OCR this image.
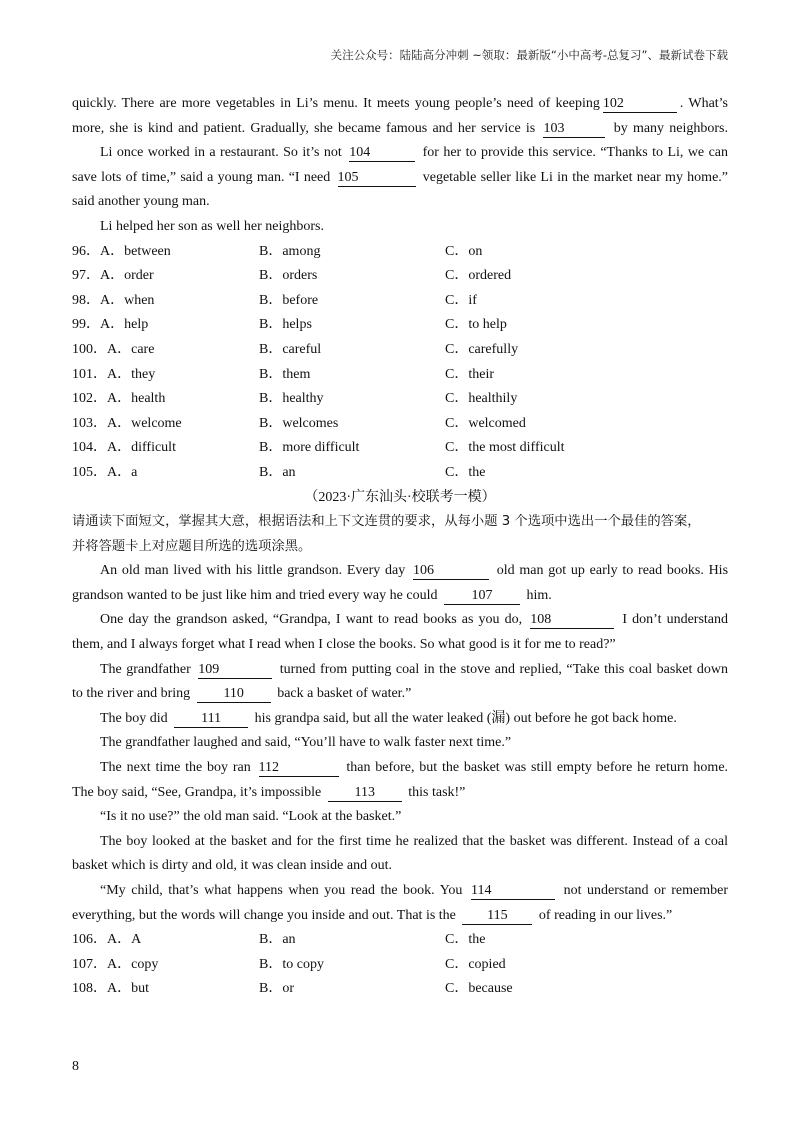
关注公众号：陆陆高分冲刺 ~领取：最新版“小中高考-总复习”、最新试卷下载
quickly. There are more vegetables in Li’s menu. It meets young people’s need of keeping 102	. What’s
more, she is kind and patient. Gradually, she became famous and her service is 103	by many neighbors.
Li once worked in a restaurant. So it’s not 104	for her to provide this service. “Thanks to Li, we can
save lots of time,” said a young man. “I need 105	vegetable seller like Li in the market near my home.”
said another young man.
Li helped her son as well her neighbors.
96．A．between	B．among	C．on
97．A．order	B．orders	C．ordered
98．A．when	B．before	C．if
99．A．help	B．helps	C．to help
100．A．care	B．careful	C．carefully
101．A．they	B．them	C．their
102．A．health	B．healthy	C．healthily
103．A．welcome	B．welcomes	C．welcomed
104．A．difficult	B．more difficult	C．the most difficult
105．A．a	B．an	C．the
（2023·广东汕头·校联考一模）
请通读下面短文，掌握其大意，根据语法和上下文连贯的要求，从每小题 3 个选项中选出一个最佳的答案，
并将答题卡上对应题目所选的选项涂黑。
An old man lived with his little grandson. Every day 106	old man got up early to read books. His
grandson wanted to be just like him and tried every way he could 107 him.
One day the grandson asked, “Grandpa, I want to read books as you do, 108	I don’t understand
them, and I always forget what I read when I close the books. So what good is it for me to read?”
The grandfather 109	turned from putting coal in the stove and replied, “Take this coal basket down
to the river and bring 110 back a basket of water.”
The boy did 111 his grandpa said, but all the water leaked (漏) out before he got back home.
The grandfather laughed and said, “You’ll have to walk faster next time.”
The next time the boy ran 112	than before, but the basket was still empty before he return home.
The boy said, “See, Grandpa, it’s impossible 113 this task!”
“Is it no use?” the old man said. “Look at the basket.”
The boy looked at the basket and for the first time he realized that the basket was different. Instead of a coal
basket which is dirty and old, it was clean inside and out.
“My child, that’s what happens when you read the book. You 114	not understand or remember
everything, but the words will change you inside and out. That is the 115 of reading in our lives.”
106．A．A	B．an	C．the
107．A．copy	B．to copy	C．copied
108．A．but	B．or	C．because
8
